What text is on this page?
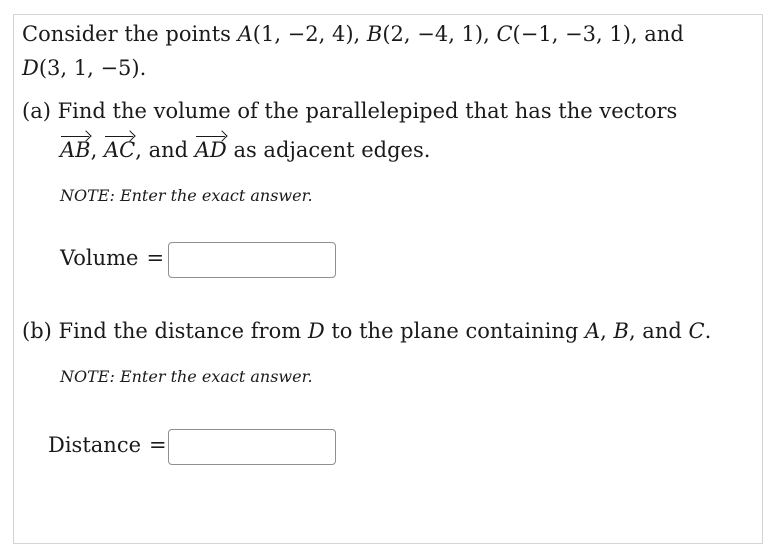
Consider the points A(1, −2, 4), B(2, −4, 1), C(−1, −3, 1), and
D(3, 1, −5).
(a) Find the volume of the parallelepiped that has the vectors
AB, AC, and AD as adjacent edges.
NOTE: Enter the exact answer.
Volume =
(b) Find the distance from D to the plane containing A, B, and C.
NOTE: Enter the exact answer.
Distance =
